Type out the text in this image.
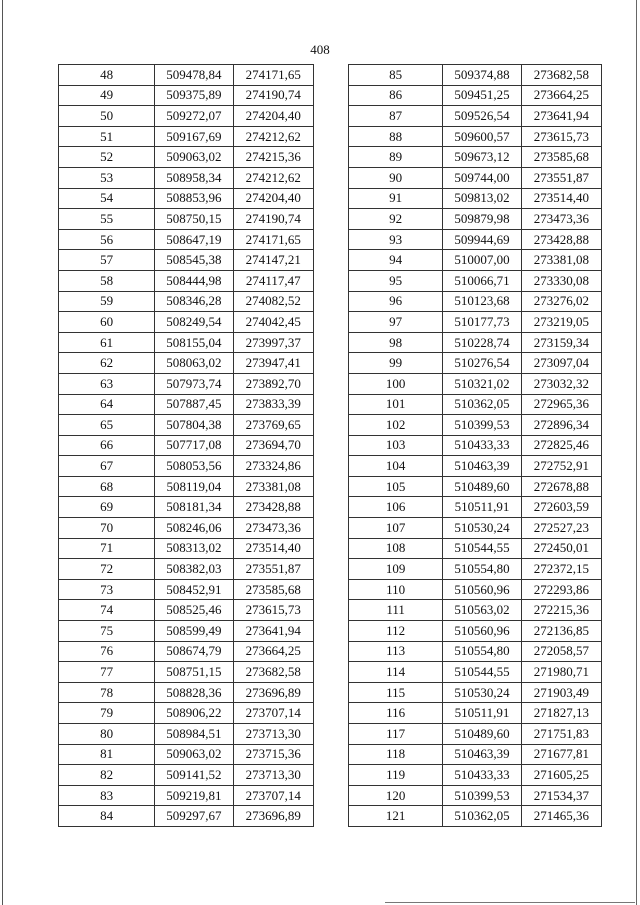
408
48	509478,84	274171,65
49	509375,89	274190,74
50	509272,07	274204,40
51	509167,69	274212,62
52	509063,02	274215,36
53	508958,34	274212,62
54	508853,96	274204,40
55	508750,15	274190,74
56	508647,19	274171,65
57	508545,38	274147,21
58	508444,98	274117,47
59	508346,28	274082,52
60	508249,54	274042,45
61	508155,04	273997,37
62	508063,02	273947,41
63	507973,74	273892,70
64	507887,45	273833,39
65	507804,38	273769,65
66	507717,08	273694,70
67	508053,56	273324,86
68	508119,04	273381,08
69	508181,34	273428,88
70	508246,06	273473,36
71	508313,02	273514,40
72	508382,03	273551,87
73	508452,91	273585,68
74	508525,46	273615,73
75	508599,49	273641,94
76	508674,79	273664,25
77	508751,15	273682,58
78	508828,36	273696,89
79	508906,22	273707,14
80	508984,51	273713,30
81	509063,02	273715,36
82	509141,52	273713,30
83	509219,81	273707,14
84	509297,67	273696,89
85	509374,88	273682,58
86	509451,25	273664,25
87	509526,54	273641,94
88	509600,57	273615,73
89	509673,12	273585,68
90	509744,00	273551,87
91	509813,02	273514,40
92	509879,98	273473,36
93	509944,69	273428,88
94	510007,00	273381,08
95	510066,71	273330,08
96	510123,68	273276,02
97	510177,73	273219,05
98	510228,74	273159,34
99	510276,54	273097,04
100	510321,02	273032,32
101	510362,05	272965,36
102	510399,53	272896,34
103	510433,33	272825,46
104	510463,39	272752,91
105	510489,60	272678,88
106	510511,91	272603,59
107	510530,24	272527,23
108	510544,55	272450,01
109	510554,80	272372,15
110	510560,96	272293,86
111	510563,02	272215,36
112	510560,96	272136,85
113	510554,80	272058,57
114	510544,55	271980,71
115	510530,24	271903,49
116	510511,91	271827,13
117	510489,60	271751,83
118	510463,39	271677,81
119	510433,33	271605,25
120	510399,53	271534,37
121	510362,05	271465,36
